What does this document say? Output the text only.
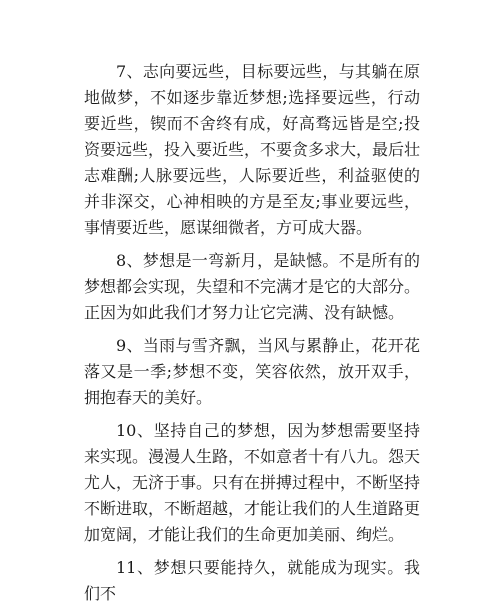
7、志向要远些，目标要远些，与其躺在原地做梦，不如逐步靠近梦想;选择要远些，行动要近些，锲而不舍终有成，好高骛远皆是空;投资要远些，投入要近些，不要贪多求大，最后壮志难酬;人脉要远些，人际要近些，利益驱使的并非深交，心神相映的方是至友;事业要远些，事情要近些，愿谋细微者，方可成大器。

8、梦想是一弯新月，是缺憾。不是所有的梦想都会实现，失望和不完满才是它的大部分。正因为如此我们才努力让它完满、没有缺憾。

9、当雨与雪齐飘，当风与累静止，花开花落又是一季;梦想不变，笑容依然，放开双手，拥抱春天的美好。

10、坚持自己的梦想，因为梦想需要坚持来实现。漫漫人生路，不如意者十有八九。怨天尤人，无济于事。只有在拼搏过程中，不断坚持不断进取，不断超越，才能让我们的人生道路更加宽阔，才能让我们的生命更加美丽、绚烂。

11、梦想只要能持久，就能成为现实。我们不
